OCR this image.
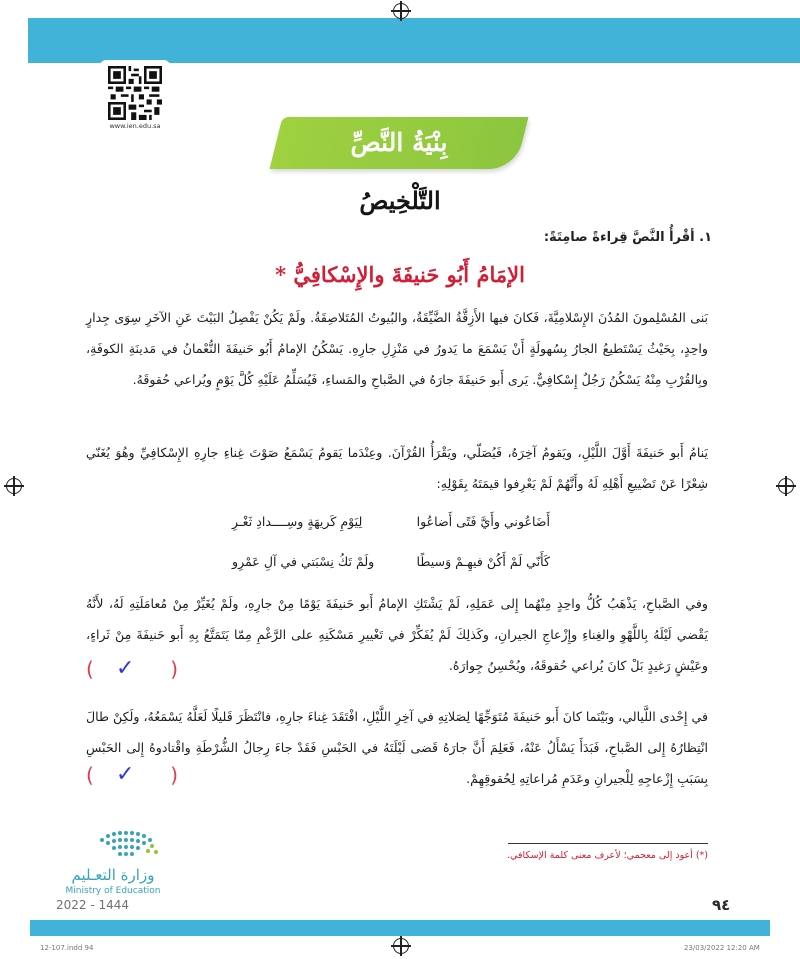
www.ien.edu.sa
بِنْيَةُ النَّصِّ
التَّلْخِيصُ
١. أقْرأُ النَّصَّ قِراءةً صامِتَةً:
الإمَامُ أَبُو حَنيفَةَ والإِسْكافِيُّ *
بَنى المُسْلِمونَ المُدُنَ الإِسْلامِيَّةَ، فَكانَ فيها الأَزِقَّةُ الضَّيِّقَةُ، والبُيوتُ المُتَلاصِقَةُ. ولَمْ يَكُنْ يَفْصِلُ البَيْتَ عَنِ الآخَرِ سِوَى جِدارٍ واحِدٍ، بِحَيْثُ يَسْتَطيعُ الجارُ بِسُهولَةٍ أَنْ يَسْمَعَ ما يَدورُ في مَنْزِلِ جارِهِ. يَسْكُنُ الإمامُ أَبُو حَنيفَةَ النُّعْمانُ في مَدينَةِ الكوفَةِ، وبِالقُرْبِ مِنْهُ يَسْكُنُ رَجُلٌ إِسْكافِيٌّ. يَرى أَبو حَنيفَةَ جارَهُ في الصَّباحِ والمَساءِ، فَيُسَلِّمُ عَلَيْهِ كُلَّ يَوْمٍ ويُراعي حُقوقَهُ.
يَنامُ أَبو حَنيفَةَ أَوَّلَ اللَّيْلِ، ويَقومُ آخِرَهُ، فَيُصَلّي، ويَقْرَأُ القُرْآنَ. وعِنْدَما يَقومُ يَسْمَعُ صَوْتَ غِناءِ جارِهِ الإِسْكافِيِّ وهُوَ يُغَنّي شِعْرًا عَنْ تَضْييعِ أَهْلِهِ لَهُ وأَنَّهُمْ لَمْ يَعْرِفوا قيمَتَهُ بِقَوْلِهِ:
أَضَاعُوني وأَيَّ فَتًى أَضاعُوا
لِيَوْمِ كَريهَةٍ وسِــــدادِ ثَغْـرِ
كَأَنّي لَمْ أَكُنْ فيهِـمْ وَسيطًا
ولَمْ تَكُ نِسْبَتي في آلِ عَمْرِو
وفي الصَّباحِ، يَذْهَبُ كُلُّ واحِدٍ مِنْهُما إِلى عَمَلِهِ، لَمْ يَشْتَكِ الإمامُ أَبو حَنيفَةَ يَوْمًا مِنْ جارِهِ، ولَمْ يُغَيِّرْ مِنْ مُعامَلَتِهِ لَهُ، لأَنَّهُ يَقْضي لَيْلَهُ بِاللَّهْوِ والغِناءِ وإِزْعاجِ الجيرانِ، وكَذلِكَ لَمْ يُفَكِّرْ في تَغْييرِ مَسْكَنِهِ على الرَّغْمِ مِمّا يَتَمَتَّعُ بِهِ أَبو حَنيفَةَ مِنْ ثَراءٍ، وعَيْشٍ رَغيدٍ بَلْ كانَ يُراعي حُقوقَهُ، ويُحْسِنُ جِوارَهُ.
( ✓ )
في إِحْدى اللَّيالي، وبَيْنَما كانَ أَبو حَنيفَةَ مُتَوَجِّهًا لِصَلاتِهِ في آخِرِ اللَّيْلِ، افْتَقَدَ غِناءَ جارِهِ، فانْتَظَرَ قَليلًا لَعَلَّهُ يَسْمَعُهُ، ولَكِنْ طالَ انْتِظارُهُ إِلى الصَّباحِ، فَبَدَأَ يَسْأَلُ عَنْهُ، فَعَلِمَ أَنَّ جارَهُ قَضى لَيْلَتَهُ في الحَبْسِ فَقَدْ جاءَ رِجالُ الشُّرْطَةِ واقْتادوهُ إِلى الحَبْسِ بِسَبَبِ إِزْعاجِهِ لِلْجيرانِ وعَدَمِ مُراعاتِهِ لِحُقوقِهِمْ.
( ✓ )
(*) أعود إلى معجمي؛ لأعرف معنى كلمة الإسكافي.
وزارة التعـليم
Ministry of Education
2022 - 1444	٩٤
12-107.indd 94	23/03/2022 12:20 AM
